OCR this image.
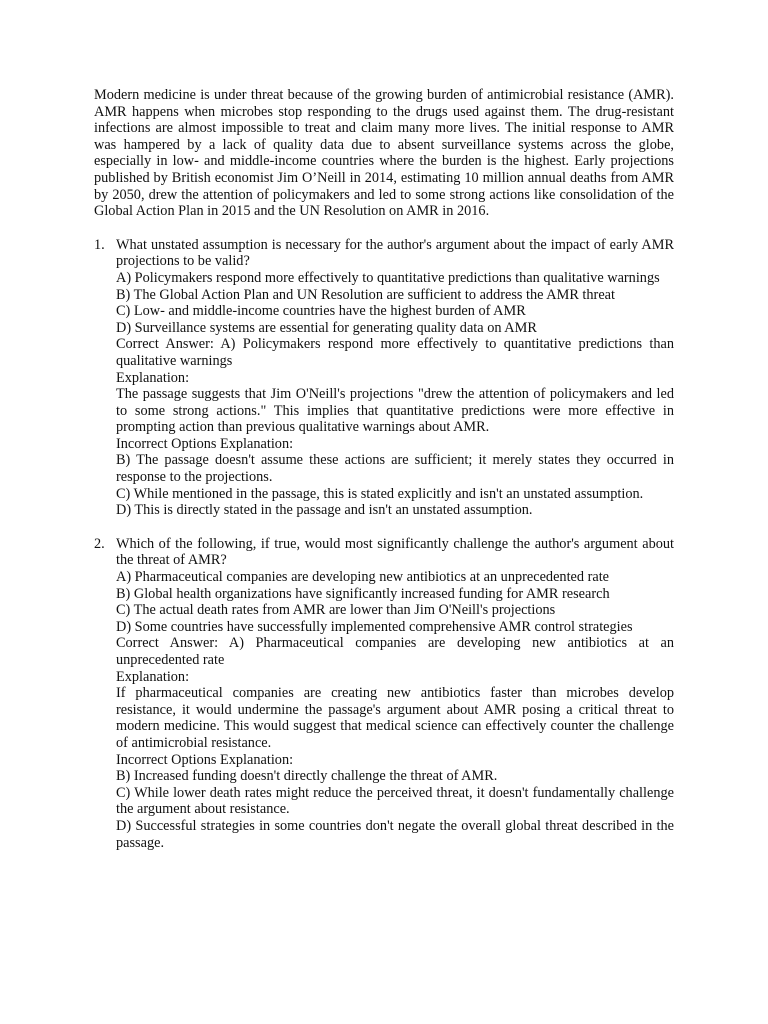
Modern medicine is under threat because of the growing burden of antimicrobial resistance (AMR). AMR happens when microbes stop responding to the drugs used against them. The drug-resistant infections are almost impossible to treat and claim many more lives. The initial response to AMR was hampered by a lack of quality data due to absent surveillance systems across the globe, especially in low- and middle-income countries where the burden is the highest. Early projections published by British economist Jim O’Neill in 2014, estimating 10 million annual deaths from AMR by 2050, drew the attention of policymakers and led to some strong actions like consolidation of the Global Action Plan in 2015 and the UN Resolution on AMR in 2016.

1. What unstated assumption is necessary for the author's argument about the impact of early AMR projections to be valid?

A) Policymakers respond more effectively to quantitative predictions than qualitative warnings

B) The Global Action Plan and UN Resolution are sufficient to address the AMR threat

C) Low- and middle-income countries have the highest burden of AMR

D) Surveillance systems are essential for generating quality data on AMR

Correct Answer: A) Policymakers respond more effectively to quantitative predictions than qualitative warnings

Explanation:

The passage suggests that Jim O'Neill's projections "drew the attention of policymakers and led to some strong actions." This implies that quantitative predictions were more effective in prompting action than previous qualitative warnings about AMR.

Incorrect Options Explanation:

B) The passage doesn't assume these actions are sufficient; it merely states they occurred in response to the projections.

C) While mentioned in the passage, this is stated explicitly and isn't an unstated assumption.

D) This is directly stated in the passage and isn't an unstated assumption.

2. Which of the following, if true, would most significantly challenge the author's argument about the threat of AMR?

A) Pharmaceutical companies are developing new antibiotics at an unprecedented rate

B) Global health organizations have significantly increased funding for AMR research

C) The actual death rates from AMR are lower than Jim O'Neill's projections

D) Some countries have successfully implemented comprehensive AMR control strategies

Correct Answer: A) Pharmaceutical companies are developing new antibiotics at an unprecedented rate

Explanation:

If pharmaceutical companies are creating new antibiotics faster than microbes develop resistance, it would undermine the passage's argument about AMR posing a critical threat to modern medicine. This would suggest that medical science can effectively counter the challenge of antimicrobial resistance.

Incorrect Options Explanation:

B) Increased funding doesn't directly challenge the threat of AMR.

C) While lower death rates might reduce the perceived threat, it doesn't fundamentally challenge the argument about resistance.

D) Successful strategies in some countries don't negate the overall global threat described in the passage.
